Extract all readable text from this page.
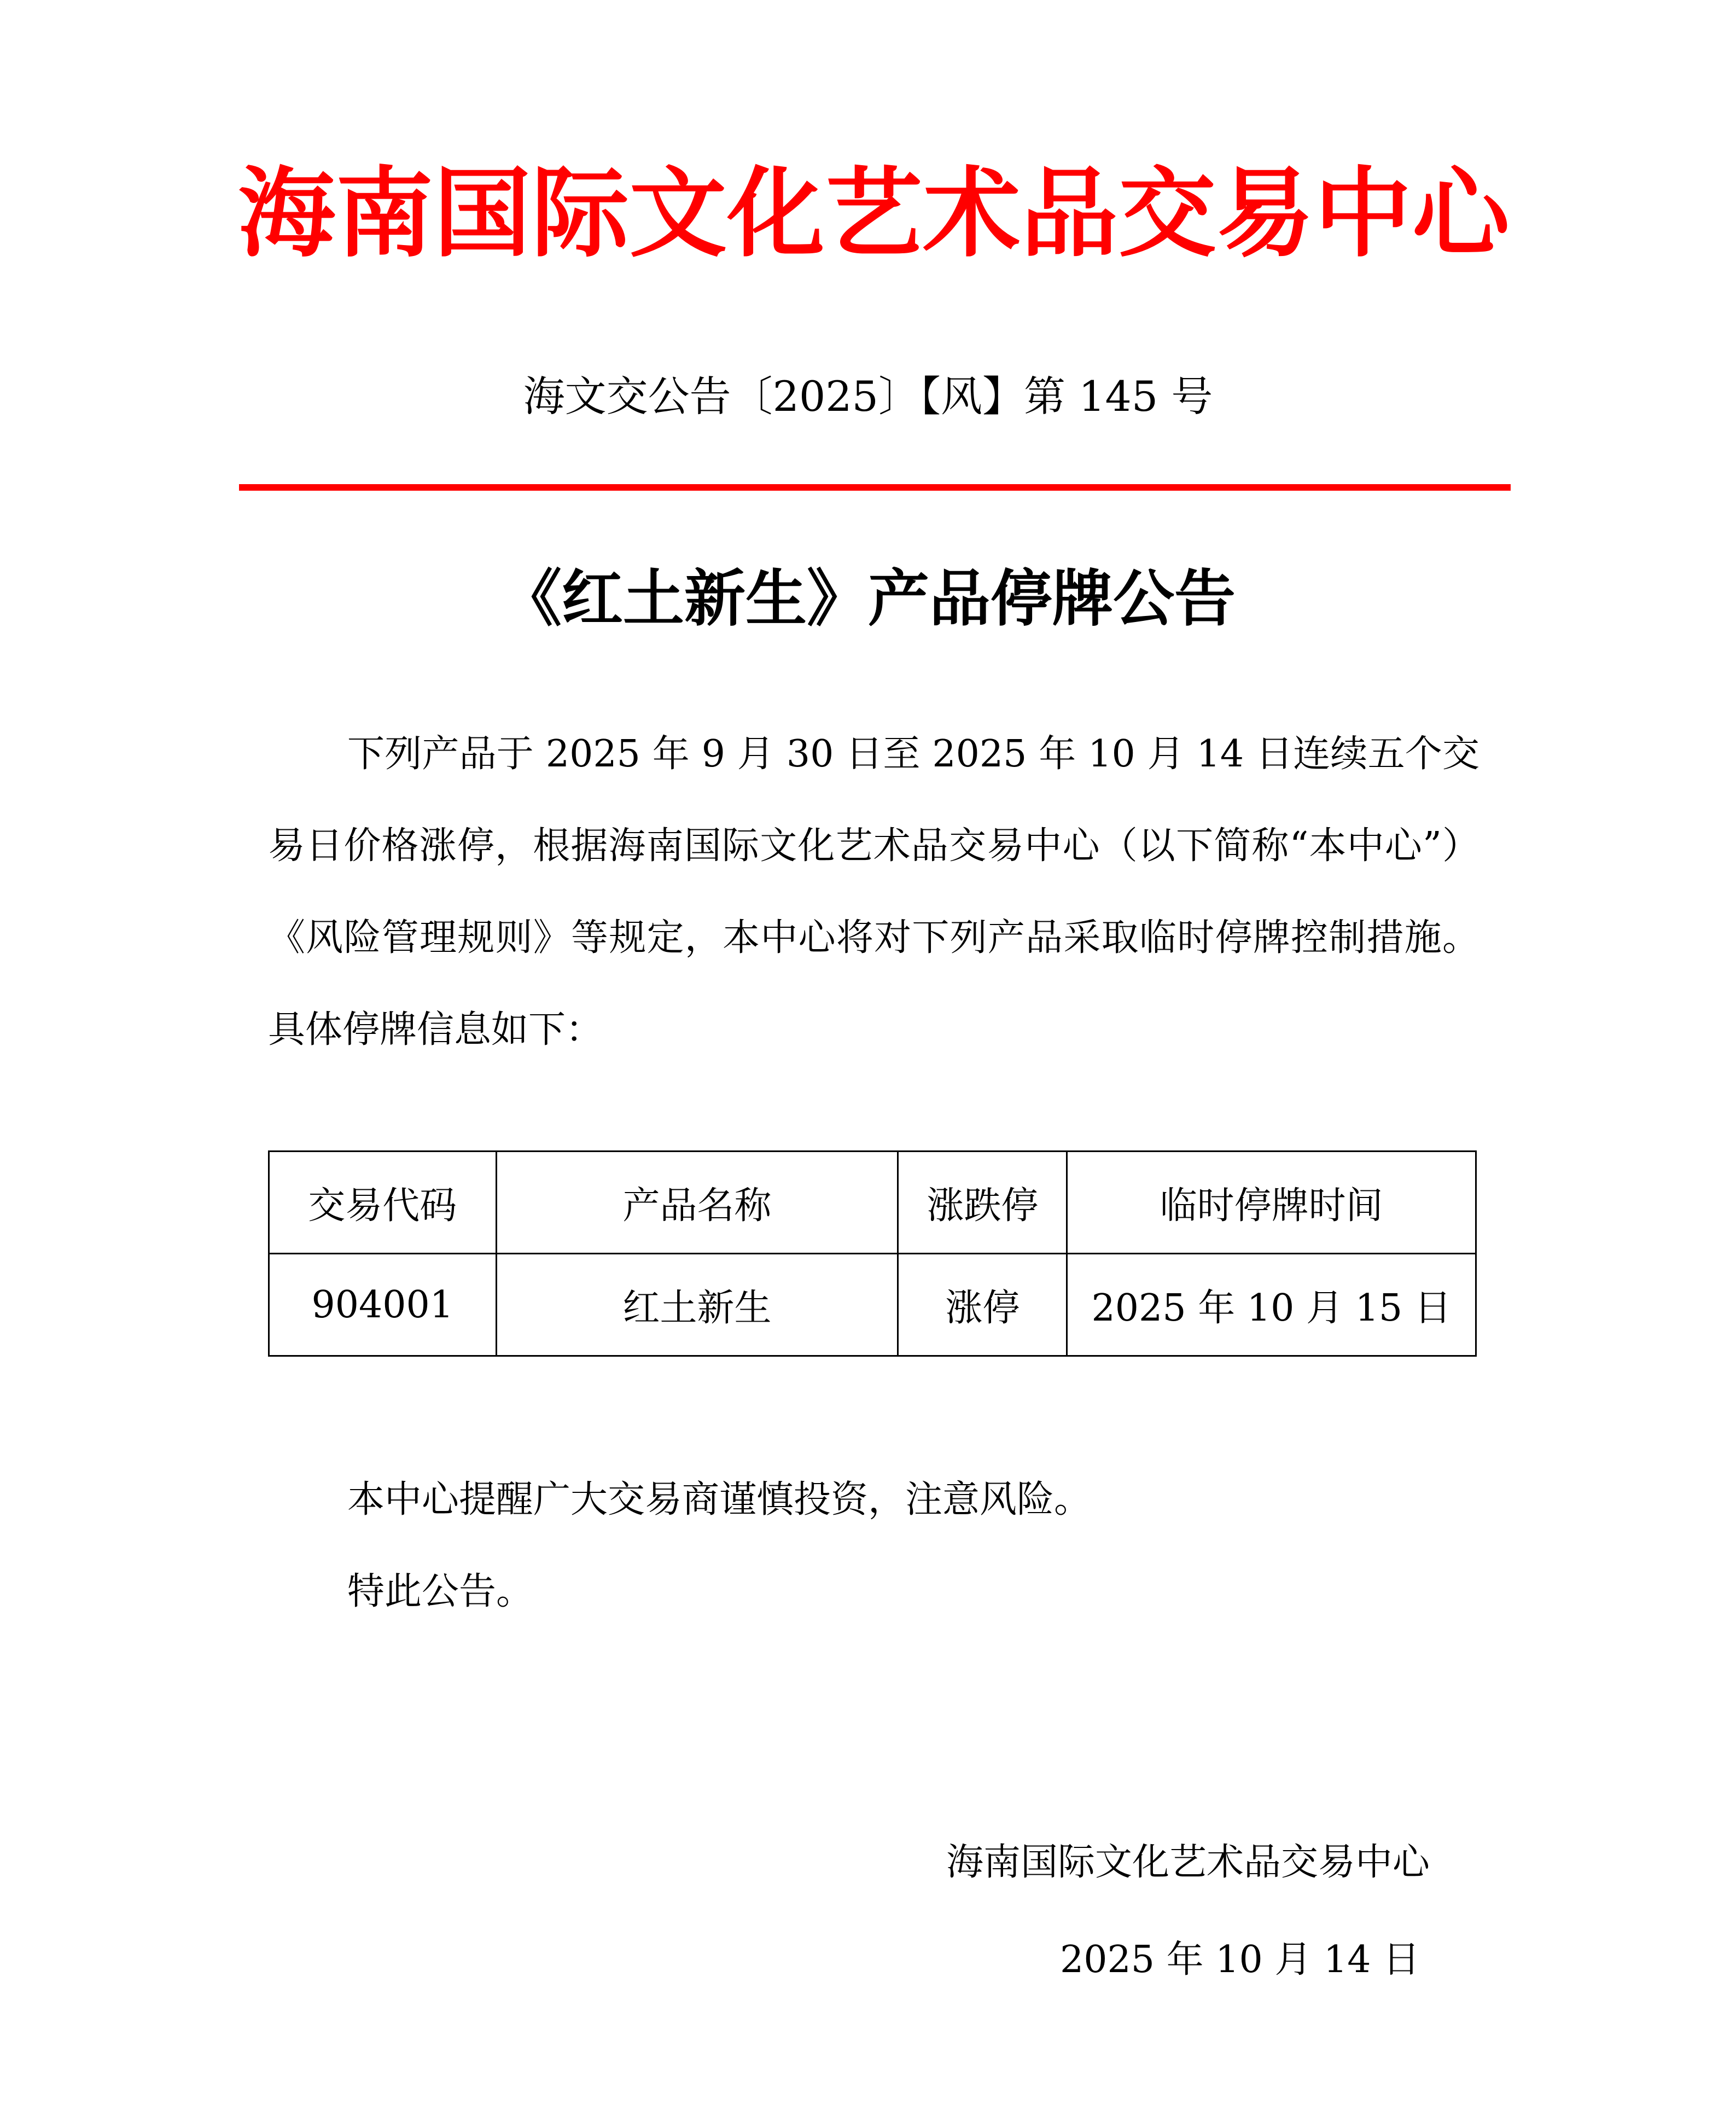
海南国际文化艺术品交易中心
海文交公告〔2025〕【风】第 145 号
《红土新生》产品停牌公告

下列产品于 2025 年 9 月 30 日至 2025 年 10 月 14 日连续五个交易日价格涨停，根据海南国际文化艺术品交易中心（以下简称“本中心”）《风险管理规则》等规定，本中心将对下列产品采取临时停牌控制措施。具体停牌信息如下：

交易代码	产品名称	涨跌停	临时停牌时间
904001	红土新生	涨停	2025 年 10 月 15 日
本中心提醒广大交易商谨慎投资，注意风险。
特此公告。
海南国际文化艺术品交易中心
2025 年 10 月 14 日
